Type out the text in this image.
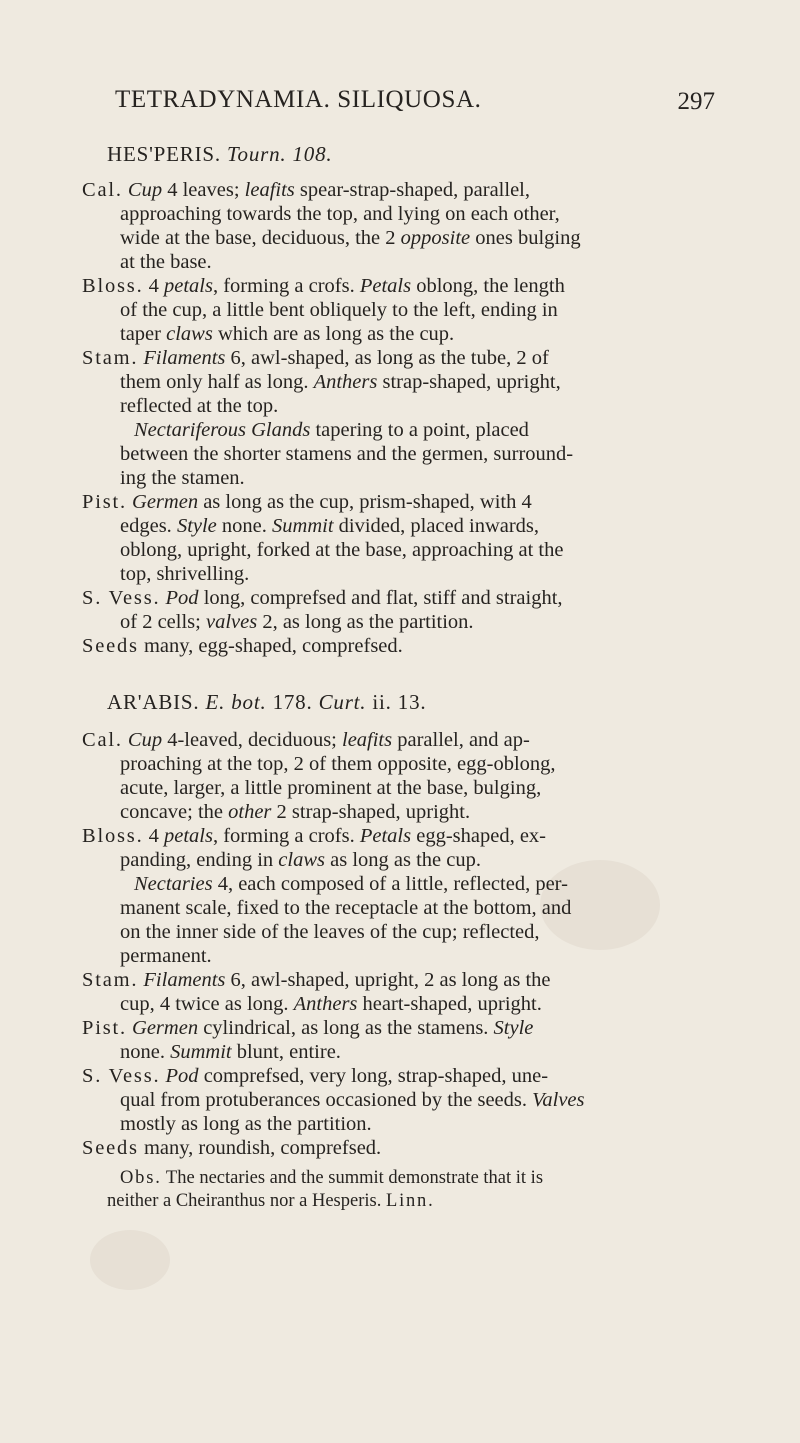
TETRADYNAMIA. SILIQUOSA.	297
HES'PERIS. Tourn. 108.
Cal. Cup 4 leaves; leafits spear-strap-shaped, parallel,
approaching towards the top, and lying on each other,
wide at the base, deciduous, the 2 opposite ones bulging
at the base.
Bloss. 4 petals, forming a crofs. Petals oblong, the length
of the cup, a little bent obliquely to the left, ending in
taper claws which are as long as the cup.
Stam. Filaments 6, awl-shaped, as long as the tube, 2 of
them only half as long. Anthers strap-shaped, upright,
reflected at the top.
Nectariferous Glands tapering to a point, placed
between the shorter stamens and the germen, surround-
ing the stamen.
Pist. Germen as long as the cup, prism-shaped, with 4
edges. Style none. Summit divided, placed inwards,
oblong, upright, forked at the base, approaching at the
top, shrivelling.
S. Vess. Pod long, comprefsed and flat, stiff and straight,
of 2 cells; valves 2, as long as the partition.
Seeds many, egg-shaped, comprefsed.
AR'ABIS. E. bot. 178. Curt. ii. 13.
Cal. Cup 4-leaved, deciduous; leafits parallel, and ap-
proaching at the top, 2 of them opposite, egg-oblong,
acute, larger, a little prominent at the base, bulging,
concave; the other 2 strap-shaped, upright.
Bloss. 4 petals, forming a crofs. Petals egg-shaped, ex-
panding, ending in claws as long as the cup.
Nectaries 4, each composed of a little, reflected, per-
manent scale, fixed to the receptacle at the bottom, and
on the inner side of the leaves of the cup; reflected,
permanent.
Stam. Filaments 6, awl-shaped, upright, 2 as long as the
cup, 4 twice as long. Anthers heart-shaped, upright.
Pist. Germen cylindrical, as long as the stamens. Style
none. Summit blunt, entire.
S. Vess. Pod comprefsed, very long, strap-shaped, une-
qual from protuberances occasioned by the seeds. Valves
mostly as long as the partition.
Seeds many, roundish, comprefsed.
Obs. The nectaries and the summit demonstrate that it is
neither a Cheiranthus nor a Hesperis. Linn.
